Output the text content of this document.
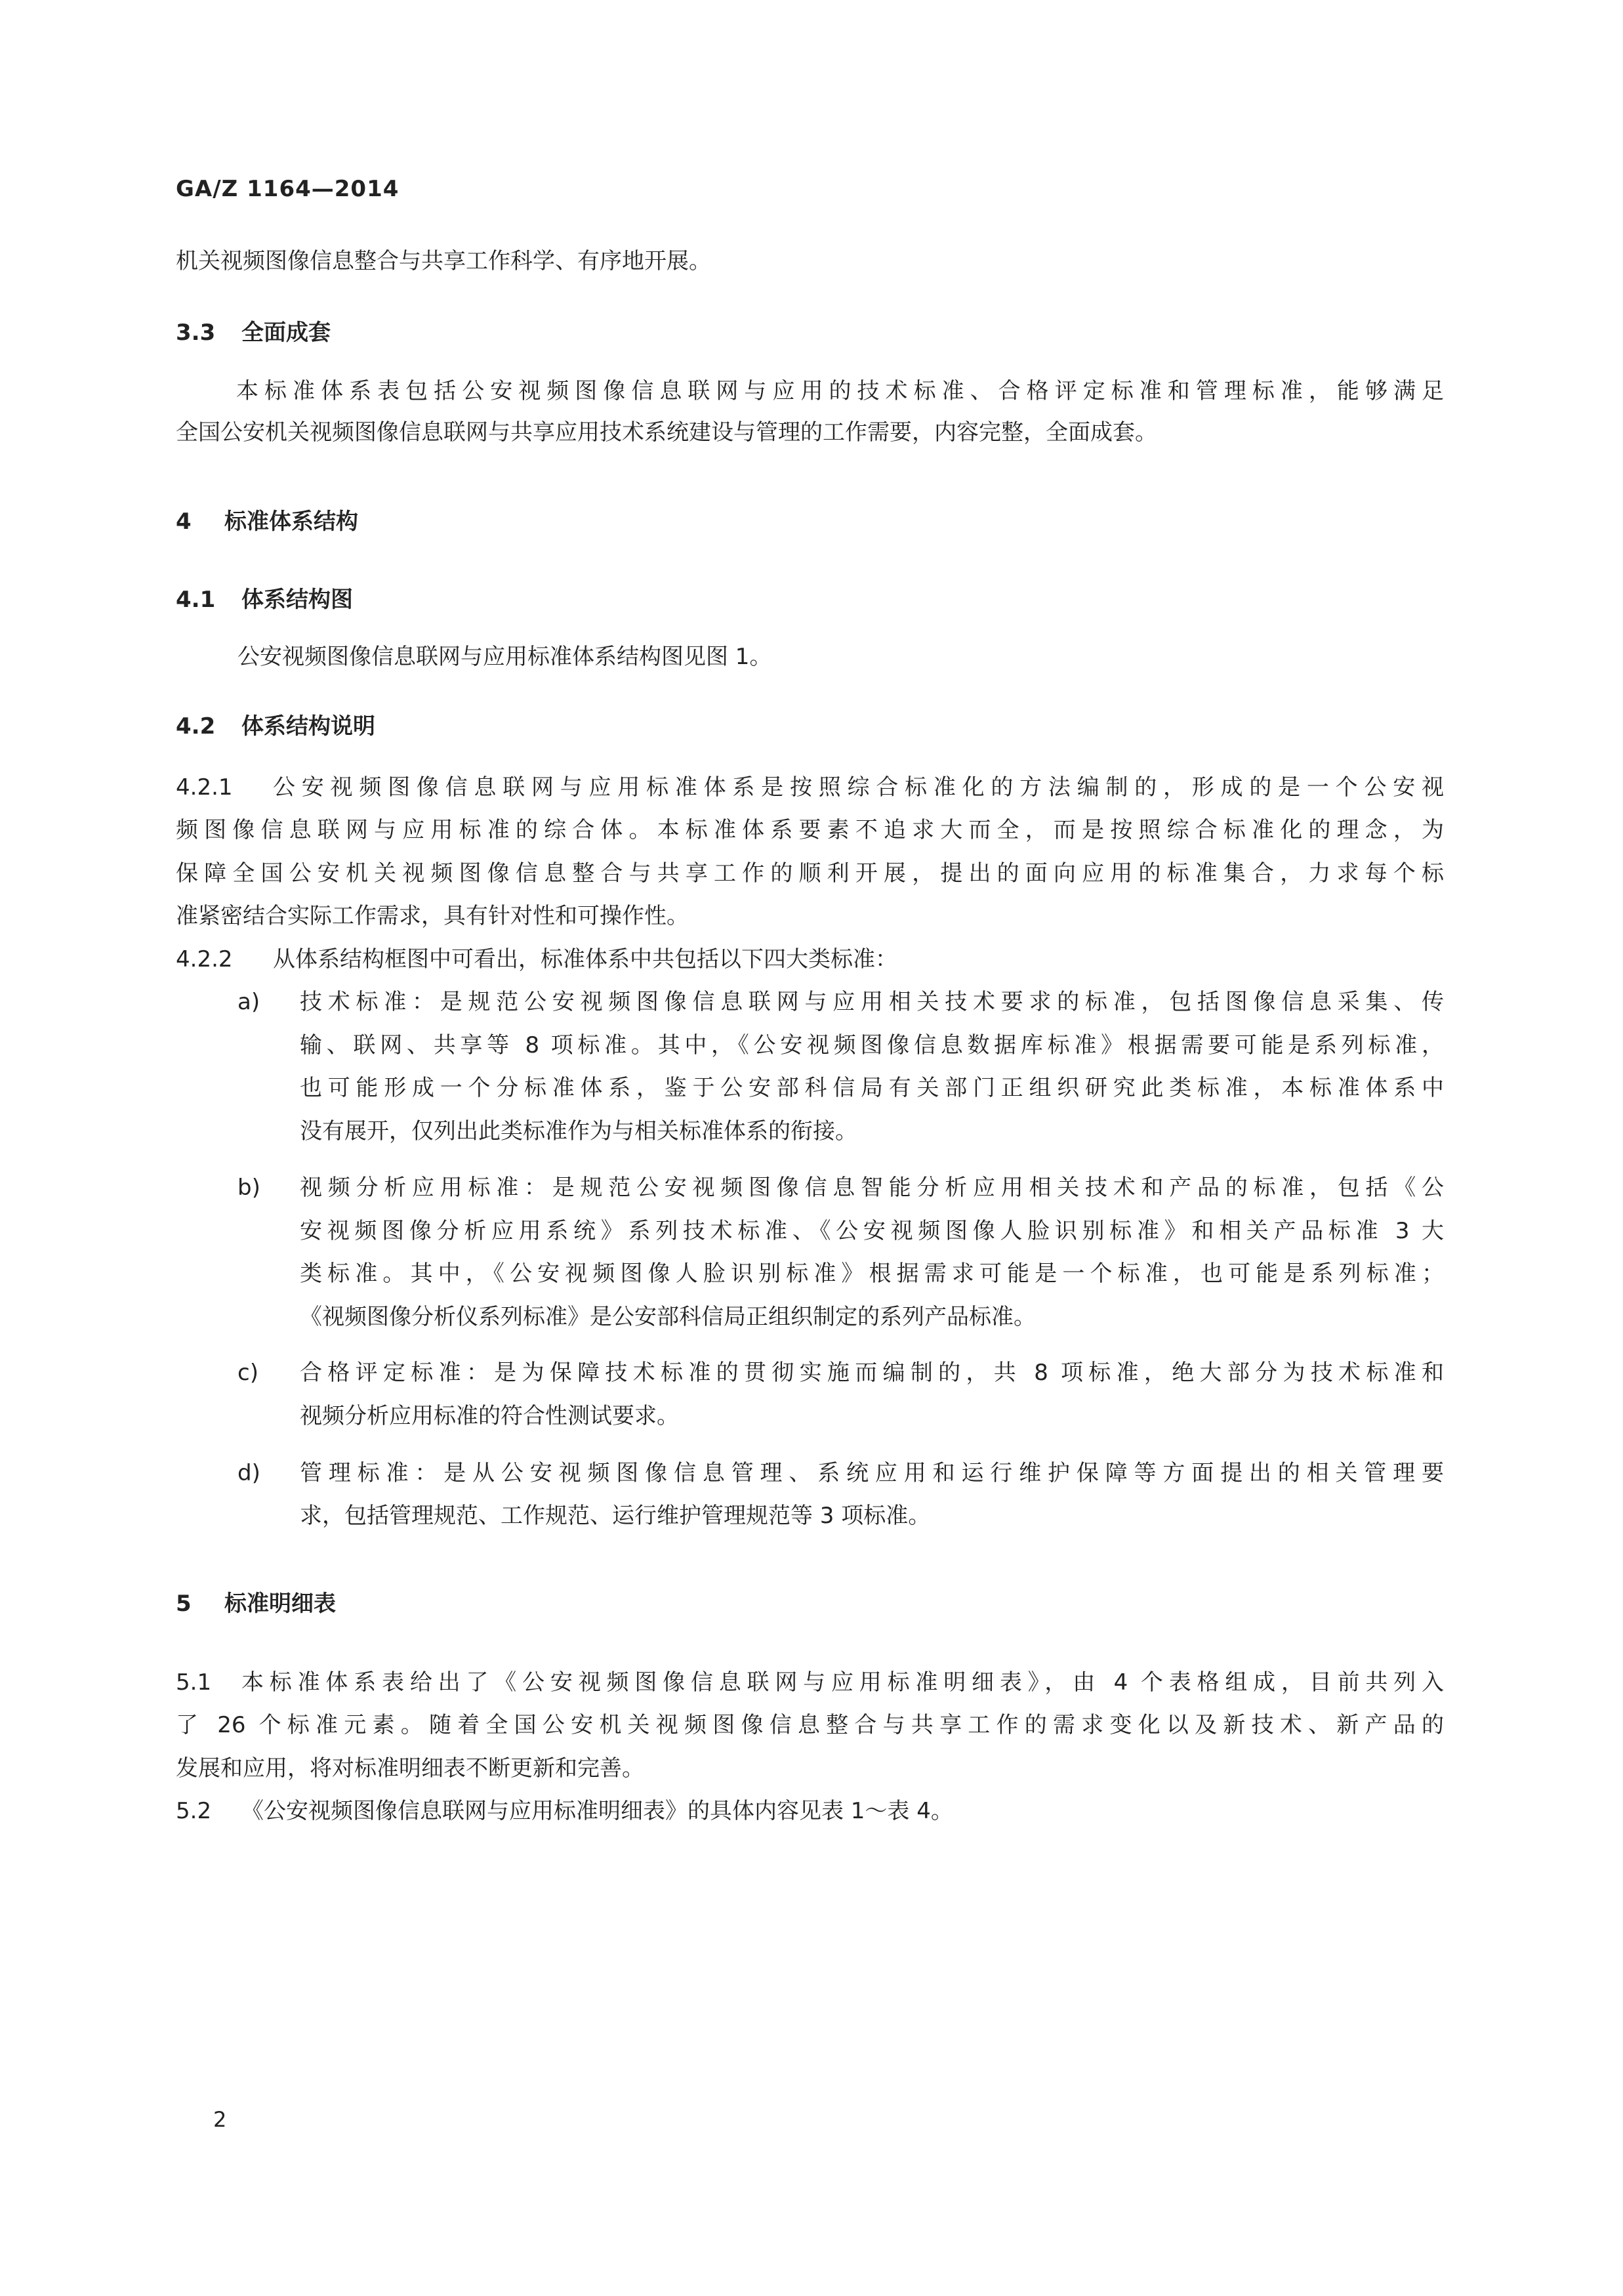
GA/Z 1164—2014
机关视频图像信息整合与共享工作科学、有序地开展。
3.3 全面成套
本标准体系表包括公安视频图像信息联网与应用的技术标准、合格评定标准和管理标准，能够满足
全国公安机关视频图像信息联网与共享应用技术系统建设与管理的工作需要，内容完整，全面成套。
4 标准体系结构
4.1 体系结构图
公安视频图像信息联网与应用标准体系结构图见图 1。
4.2 体系结构说明
4.2.1	公安视频图像信息联网与应用标准体系是按照综合标准化的方法编制的，形成的是一个公安视
频图像信息联网与应用标准的综合体。本标准体系要素不追求大而全，而是按照综合标准化的理念，为
保障全国公安机关视频图像信息整合与共享工作的顺利开展，提出的面向应用的标准集合，力求每个标
准紧密结合实际工作需求，具有针对性和可操作性。
4.2.2 从体系结构框图中可看出，标准体系中共包括以下四大类标准：
a) 技术标准：是规范公安视频图像信息联网与应用相关技术要求的标准，包括图像信息采集、传
输、联网、共享等 8 项标准。其中，《公安视频图像信息数据库标准》根据需要可能是系列标准，
也可能形成一个分标准体系，鉴于公安部科信局有关部门正组织研究此类标准，本标准体系中
没有展开，仅列出此类标准作为与相关标准体系的衔接。
b) 视频分析应用标准：是规范公安视频图像信息智能分析应用相关技术和产品的标准，包括《公
安视频图像分析应用系统》系列技术标准、《公安视频图像人脸识别标准》和相关产品标准 3 大
类标准。其中，《公安视频图像人脸识别标准》根据需求可能是一个标准，也可能是系列标准；
《视频图像分析仪系列标准》是公安部科信局正组织制定的系列产品标准。
c) 合格评定标准：是为保障技术标准的贯彻实施而编制的，共 8 项标准，绝大部分为技术标准和
视频分析应用标准的符合性测试要求。
d) 管理标准：是从公安视频图像信息管理、系统应用和运行维护保障等方面提出的相关管理要
求，包括管理规范、工作规范、运行维护管理规范等 3 项标准。
5 标准明细表
5.1	本标准体系表给出了《公安视频图像信息联网与应用标准明细表》，由 4 个表格组成，目前共列入
了 26 个标准元素。随着全国公安机关视频图像信息整合与共享工作的需求变化以及新技术、新产品的
发展和应用，将对标准明细表不断更新和完善。
5.2 《公安视频图像信息联网与应用标准明细表》的具体内容见表 1～表 4。
2
